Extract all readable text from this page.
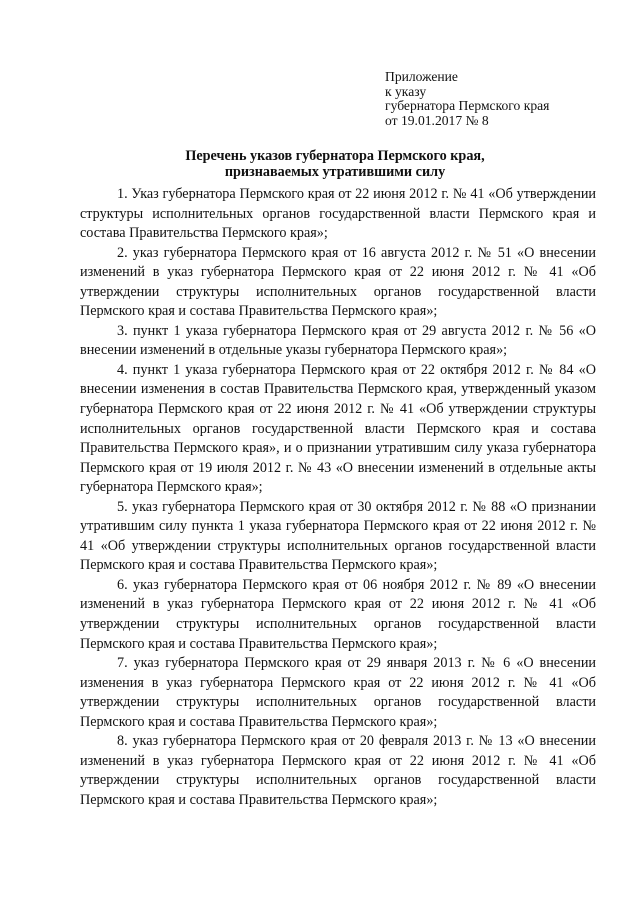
Приложение
к указу
губернатора Пермского края
от 19.01.2017 № 8
Перечень указов губернатора Пермского края,
признаваемых утратившими силу

1. Указ губернатора Пермского края от 22 июня 2012 г. № 41 «Об утверждении структуры исполнительных органов государственной власти Пермского края и состава Правительства Пермского края»;

2. указ губернатора Пермского края от 16 августа 2012 г. № 51 «О внесении изменений в указ губернатора Пермского края от 22 июня 2012 г. № 41 «Об утверждении структуры исполнительных органов государственной власти Пермского края и состава Правительства Пермского края»;

3. пункт 1 указа губернатора Пермского края от 29 августа 2012 г. № 56 «О внесении изменений в отдельные указы губернатора Пермского края»;

4. пункт 1 указа губернатора Пермского края от 22 октября 2012 г. № 84 «О внесении изменения в состав Правительства Пермского края, утвержденный указом губернатора Пермского края от 22 июня 2012 г. № 41 «Об утверждении структуры исполнительных органов государственной власти Пермского края и состава Правительства Пермского края», и о признании утратившим силу указа губернатора Пермского края от 19 июля 2012 г. № 43 «О внесении изменений в отдельные акты губернатора Пермского края»;

5. указ губернатора Пермского края от 30 октября 2012 г. № 88 «О признании утратившим силу пункта 1 указа губернатора Пермского края от 22 июня 2012 г. № 41 «Об утверждении структуры исполнительных органов государственной власти Пермского края и состава Правительства Пермского края»;

6. указ губернатора Пермского края от 06 ноября 2012 г. № 89 «О внесении изменений в указ губернатора Пермского края от 22 июня 2012 г. № 41 «Об утверждении структуры исполнительных органов государственной власти Пермского края и состава Правительства Пермского края»;

7. указ губернатора Пермского края от 29 января 2013 г. № 6 «О внесении изменения в указ губернатора Пермского края от 22 июня 2012 г. № 41 «Об утверждении структуры исполнительных органов государственной власти Пермского края и состава Правительства Пермского края»;

8. указ губернатора Пермского края от 20 февраля 2013 г. № 13 «О внесении изменений в указ губернатора Пермского края от 22 июня 2012 г. № 41 «Об утверждении структуры исполнительных органов государственной власти Пермского края и состава Правительства Пермского края»;
